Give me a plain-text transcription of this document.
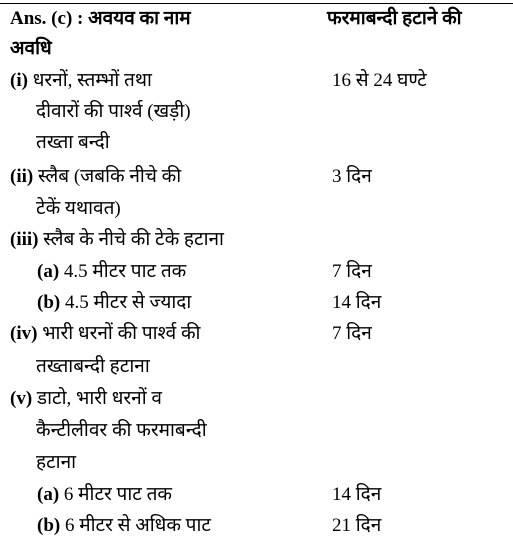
Ans. (c) : अवयव का नाम	फरमाबन्दी हटाने की
अवधि
(i) धरनों, स्तम्भों तथा	16 से 24 घण्टे
दीवारों की पार्श्व (खड़ी)
तख्ता बन्दी
(ii) स्लैब (जबकि नीचे की	3 दिन
टेकें यथावत)
(iii) स्लैब के नीचे की टेके हटाना
(a) 4.5 मीटर पाट तक	7 दिन
(b) 4.5 मीटर से ज्यादा	14 दिन
(iv) भारी धरनों की पार्श्व की	7 दिन
तख्ताबन्दी हटाना
(v) डाटो, भारी धरनों व
कैन्टीलीवर की फरमाबन्दी
हटाना
(a) 6 मीटर पाट तक	14 दिन
(b) 6 मीटर से अधिक पाट	21 दिन
